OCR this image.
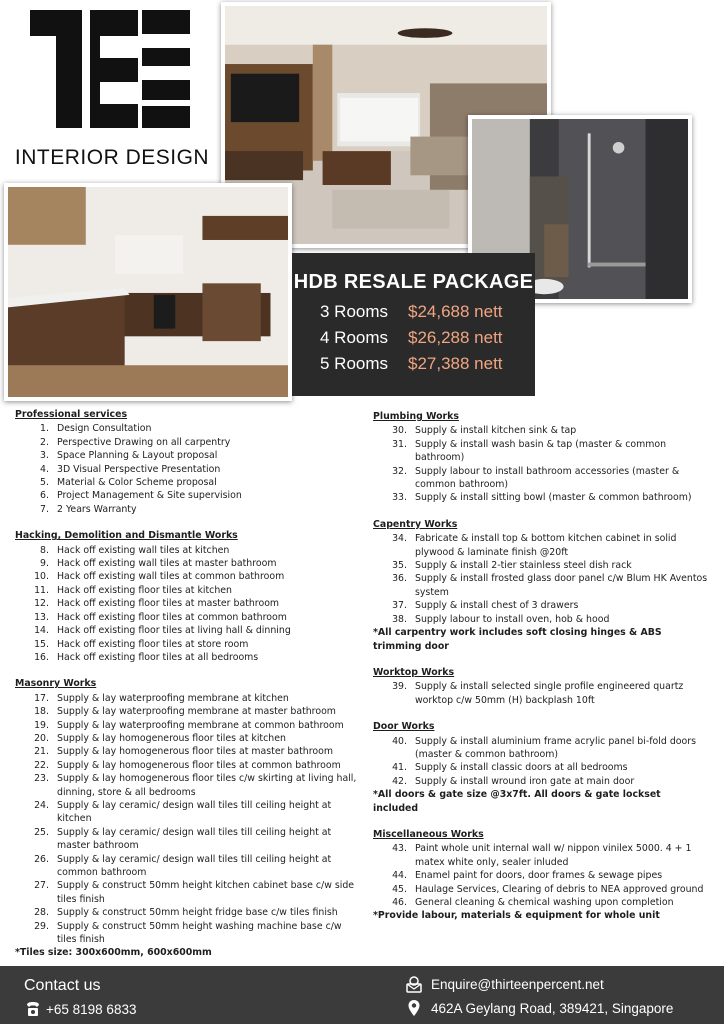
INTERIOR DESIGN
HDB RESALE PACKAGE
3 Rooms $24,688 nett
4 Rooms $26,288 nett
5 Rooms $27,388 nett
Professional services
1. Design Consultation
2. Perspective Drawing on all carpentry
3. Space Planning & Layout proposal
4. 3D Visual Perspective Presentation
5. Material & Color Scheme proposal
6. Project Management & Site supervision
7. 2 Years Warranty
Hacking, Demolition and Dismantle Works
8. Hack off existing wall tiles at kitchen
9. Hack off existing wall tiles at master bathroom
10. Hack off existing wall tiles at common bathroom
11. Hack off existing floor tiles at kitchen
12. Hack off existing floor tiles at master bathroom
13. Hack off existing floor tiles at common bathroom
14. Hack off existing floor tiles at living hall & dinning
15. Hack off existing floor tiles at store room
16. Hack off existing floor tiles at all bedrooms
Masonry Works
17. Supply & lay waterproofing membrane at kitchen
18. Supply & lay waterproofing membrane at master bathroom
19. Supply & lay waterproofing membrane at common bathroom
20. Supply & lay homogenerous floor tiles at kitchen
21. Supply & lay homogenerous floor tiles at master bathroom
22. Supply & lay homogenerous floor tiles at common bathroom
23. Supply & lay homogenerous floor tiles c/w skirting at living hall, dinning, store & all bedrooms
24. Supply & lay ceramic/ design wall tiles till ceiling height at kitchen
25. Supply & lay ceramic/ design wall tiles till ceiling height at master bathroom
26. Supply & lay ceramic/ design wall tiles till ceiling height at common bathroom
27. Supply & construct 50mm height kitchen cabinet base c/w side tiles finish
28. Supply & construct 50mm height fridge base c/w tiles finish
29. Supply & construct 50mm height washing machine base c/w tiles finish
*Tiles size: 300x600mm, 600x600mm
Plumbing Works
30. Supply & install kitchen sink & tap
31. Supply & install wash basin & tap (master & common bathroom)
32. Supply labour to install bathroom accessories (master & common bathroom)
33. Supply & install sitting bowl (master & common bathroom)
Capentry Works
34. Fabricate & install top & bottom kitchen cabinet in solid plywood & laminate finish @20ft
35. Supply & install 2-tier stainless steel dish rack
36. Supply & install frosted glass door panel c/w Blum HK Aventos system
37. Supply & install chest of 3 drawers
38. Supply labour to install oven, hob & hood
*All carpentry work includes soft closing hinges & ABS trimming door
Worktop Works
39. Supply & install selected single profile engineered quartz worktop c/w 50mm (H) backplash 10ft
Door Works
40. Supply & install aluminium frame acrylic panel bi-fold doors (master & common bathroom)
41. Supply & install classic doors at all bedrooms
42. Supply & install wround iron gate at main door
*All doors & gate size @3x7ft. All doors & gate lockset included
Miscellaneous Works
43. Paint whole unit internal wall w/ nippon vinilex 5000. 4 + 1 matex white only, sealer inluded
44. Enamel paint for doors, door frames & sewage pipes
45. Haulage Services, Clearing of debris to NEA approved ground
46. General cleaning & chemical washing upon completion
*Provide labour, materials & equipment for whole unit
Contact us
+65 8198 6833
Enquire@thirteenpercent.net
462A Geylang Road, 389421, Singapore
